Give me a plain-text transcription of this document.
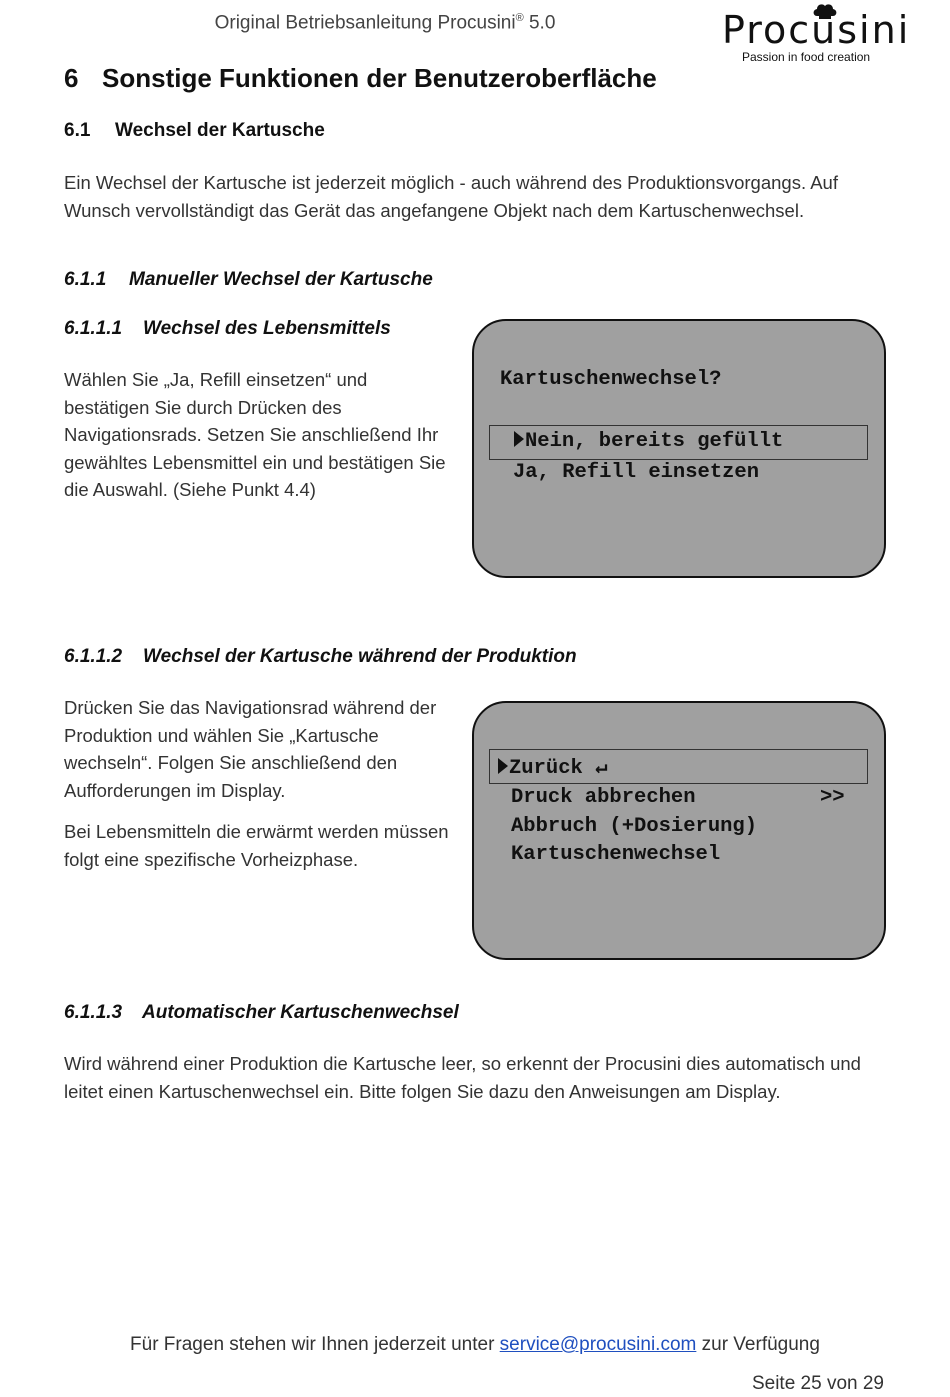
Original Betriebsanleitung Procusini® 5.0	Procusini
Passion in food creation
6 Sonstige Funktionen der Benutzeroberfläche
6.1 Wechsel der Kartusche

Ein Wechsel der Kartusche ist jederzeit möglich - auch während des Produktionsvorgangs. Auf Wunsch vervollständigt das Gerät das angefangene Objekt nach dem Kartuschenwechsel.

6.1.1 Manueller Wechsel der Kartusche
6.1.1.1 Wechsel des Lebensmittels

Wählen Sie „Ja, Refill einsetzen“ und bestätigen Sie durch Drücken des Navigationsrads. Setzen Sie anschließend Ihr gewähltes Lebensmittel ein und bestätigen Sie die Auswahl. (Siehe Punkt 4.4)

Kartuschenwechsel?
Nein, bereits gefüllt
Ja, Refill einsetzen
6.1.1.2 Wechsel der Kartusche während der Produktion

Drücken Sie das Navigationsrad während der Produktion und wählen Sie „Kartusche wechseln“. Folgen Sie anschließend den Aufforderungen im Display.

Bei Lebensmitteln die erwärmt werden müssen folgt eine spezifische Vorheizphase.

Zurück ↵
Druck abbrechen	>>
Abbruch (+Dosierung)
Kartuschenwechsel
6.1.1.3 Automatischer Kartuschenwechsel

Wird während einer Produktion die Kartusche leer, so erkennt der Procusini dies automatisch und leitet einen Kartuschenwechsel ein. Bitte folgen Sie dazu den Anweisungen am Display.

Für Fragen stehen wir Ihnen jederzeit unter service@procusini.com zur Verfügung
Seite 25 von 29
